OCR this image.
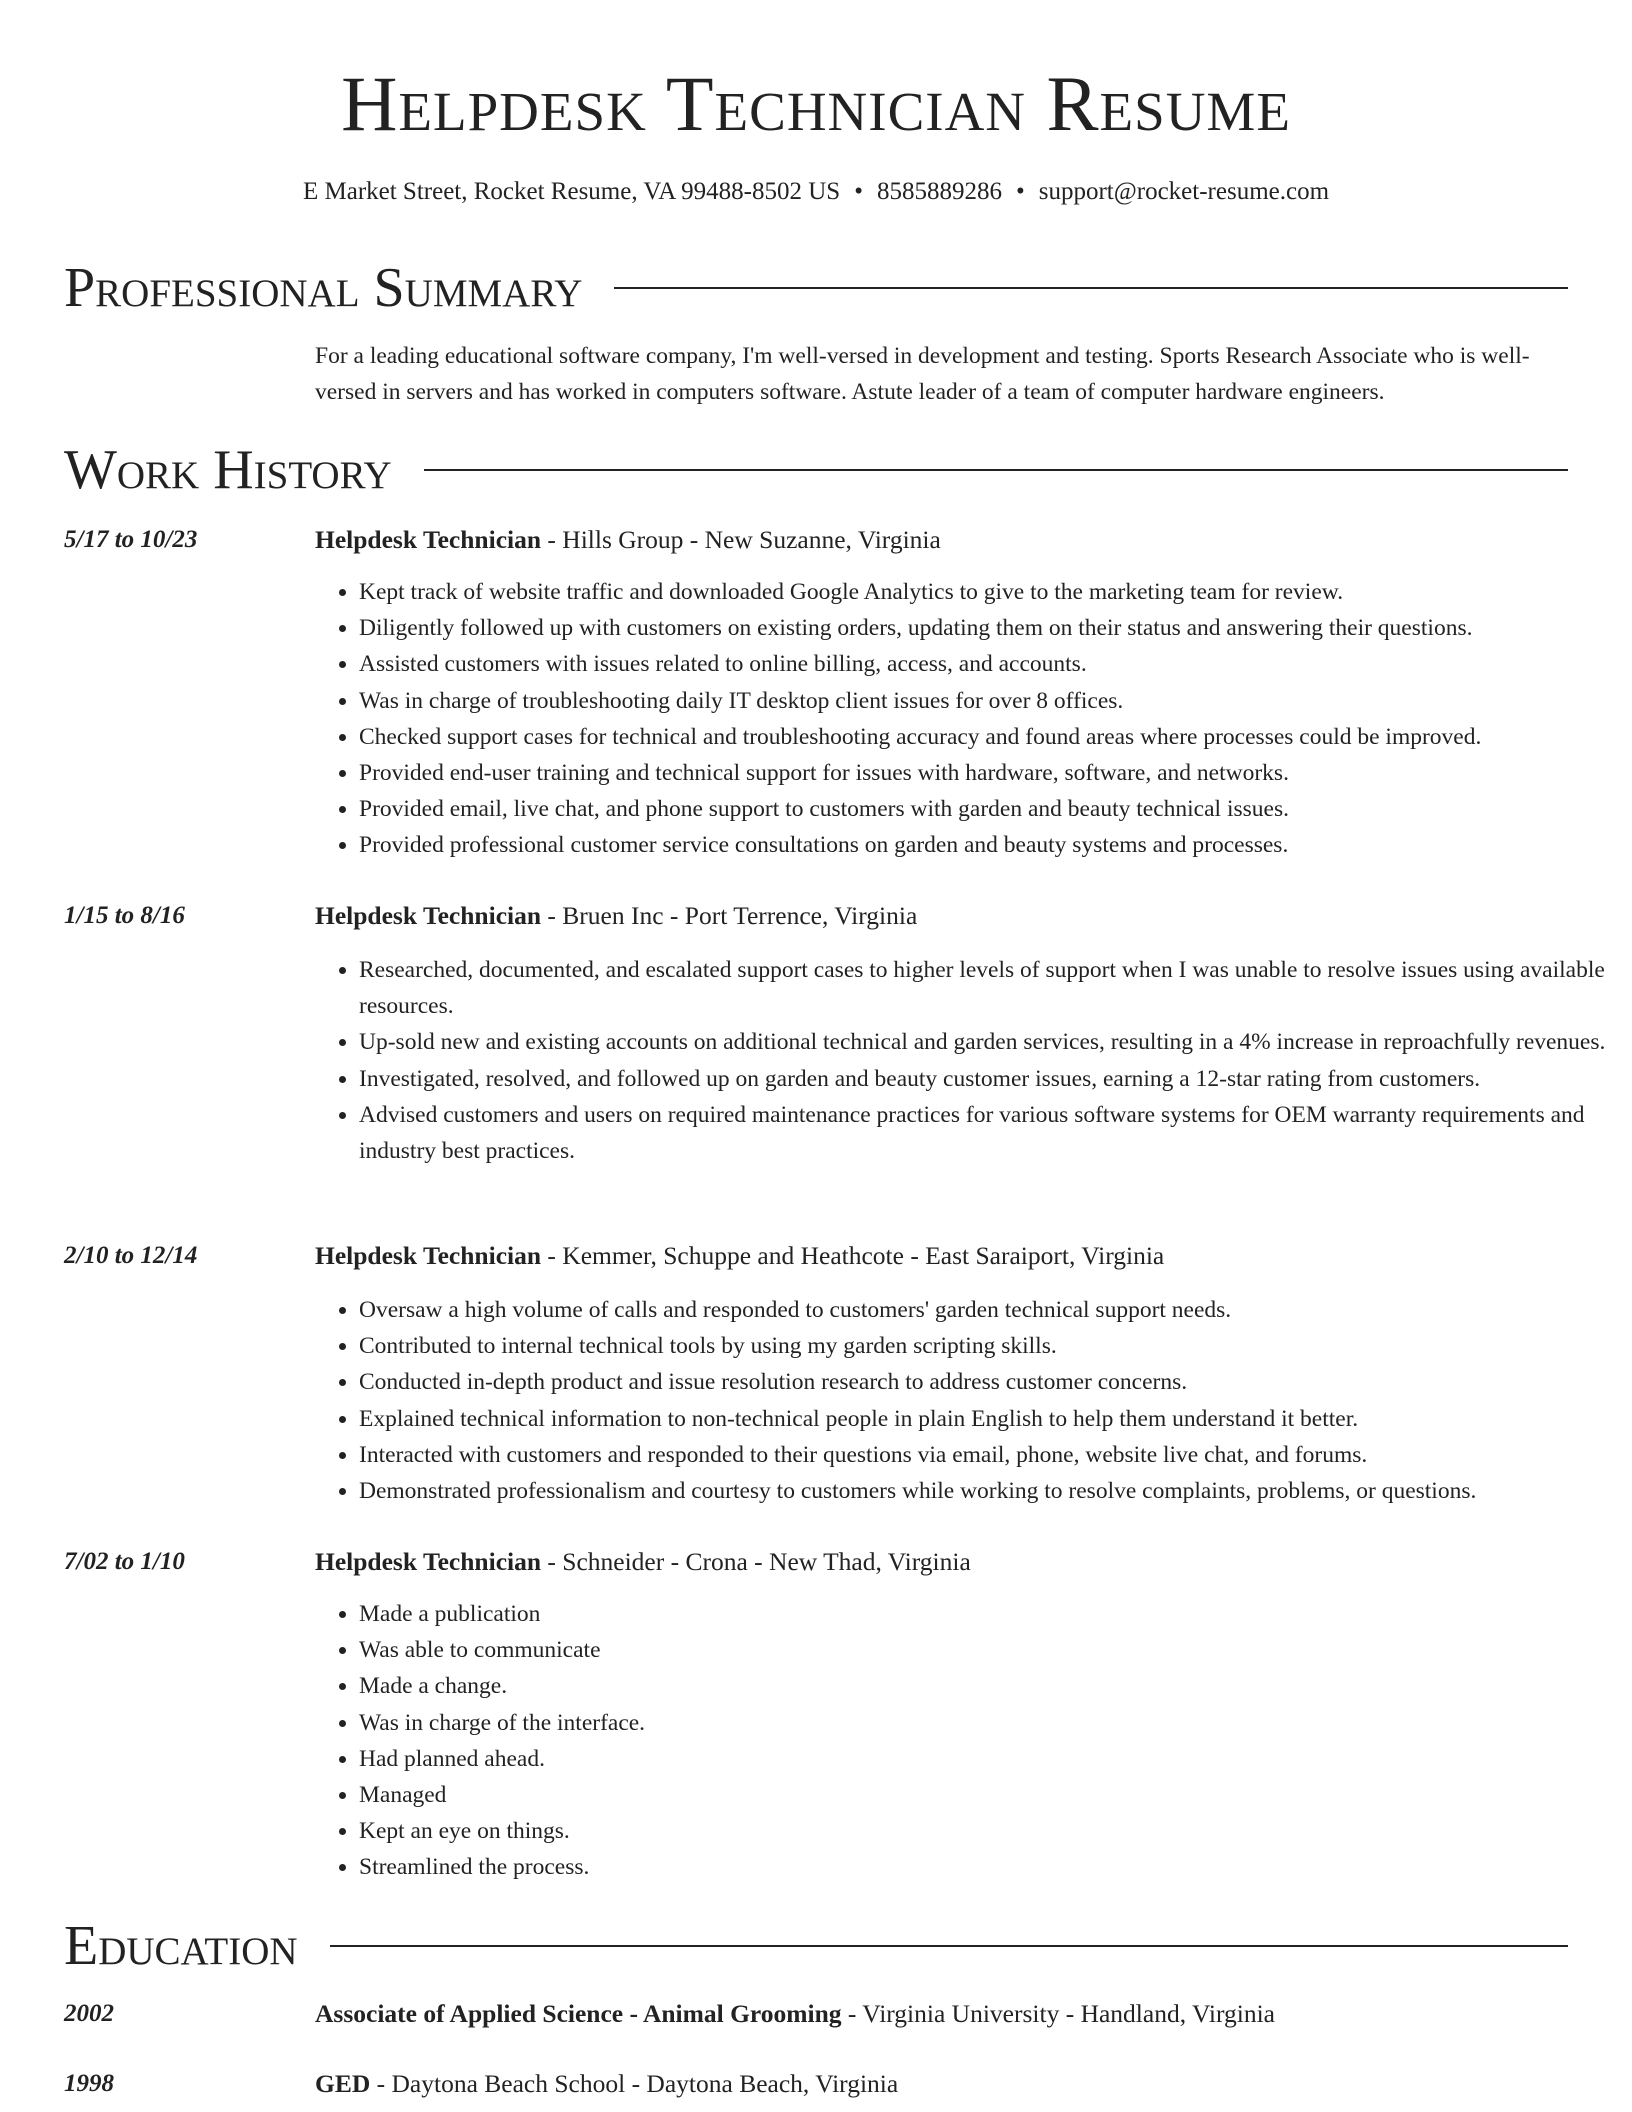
Helpdesk Technician Resume
E Market Street, Rocket Resume, VA 99488-8502 US • 8585889286 • support@rocket-resume.com
Professional Summary
For a leading educational software company, I'm well-versed in development and testing. Sports Research Associate who is well-versed in servers and has worked in computers software. Astute leader of a team of computer hardware engineers.
Work History
5/17 to 10/23	Helpdesk Technician - Hills Group - New Suzanne, Virginia
• Kept track of website traffic and downloaded Google Analytics to give to the marketing team for review.
• Diligently followed up with customers on existing orders, updating them on their status and answering their questions.
• Assisted customers with issues related to online billing, access, and accounts.
• Was in charge of troubleshooting daily IT desktop client issues for over 8 offices.
• Checked support cases for technical and troubleshooting accuracy and found areas where processes could be improved.
• Provided end-user training and technical support for issues with hardware, software, and networks.
• Provided email, live chat, and phone support to customers with garden and beauty technical issues.
• Provided professional customer service consultations on garden and beauty systems and processes.
1/15 to 8/16	Helpdesk Technician - Bruen Inc - Port Terrence, Virginia
• Researched, documented, and escalated support cases to higher levels of support when I was unable to resolve issues using available resources.
• Up-sold new and existing accounts on additional technical and garden services, resulting in a 4% increase in reproachfully revenues.
• Investigated, resolved, and followed up on garden and beauty customer issues, earning a 12-star rating from customers.
• Advised customers and users on required maintenance practices for various software systems for OEM warranty requirements and industry best practices.
2/10 to 12/14	Helpdesk Technician - Kemmer, Schuppe and Heathcote - East Saraiport, Virginia
• Oversaw a high volume of calls and responded to customers' garden technical support needs.
• Contributed to internal technical tools by using my garden scripting skills.
• Conducted in-depth product and issue resolution research to address customer concerns.
• Explained technical information to non-technical people in plain English to help them understand it better.
• Interacted with customers and responded to their questions via email, phone, website live chat, and forums.
• Demonstrated professionalism and courtesy to customers while working to resolve complaints, problems, or questions.
7/02 to 1/10	Helpdesk Technician - Schneider - Crona - New Thad, Virginia
• Made a publication
• Was able to communicate
• Made a change.
• Was in charge of the interface.
• Had planned ahead.
• Managed
• Kept an eye on things.
• Streamlined the process.
Education
2002	Associate of Applied Science - Animal Grooming - Virginia University - Handland, Virginia
1998	GED - Daytona Beach School - Daytona Beach, Virginia
